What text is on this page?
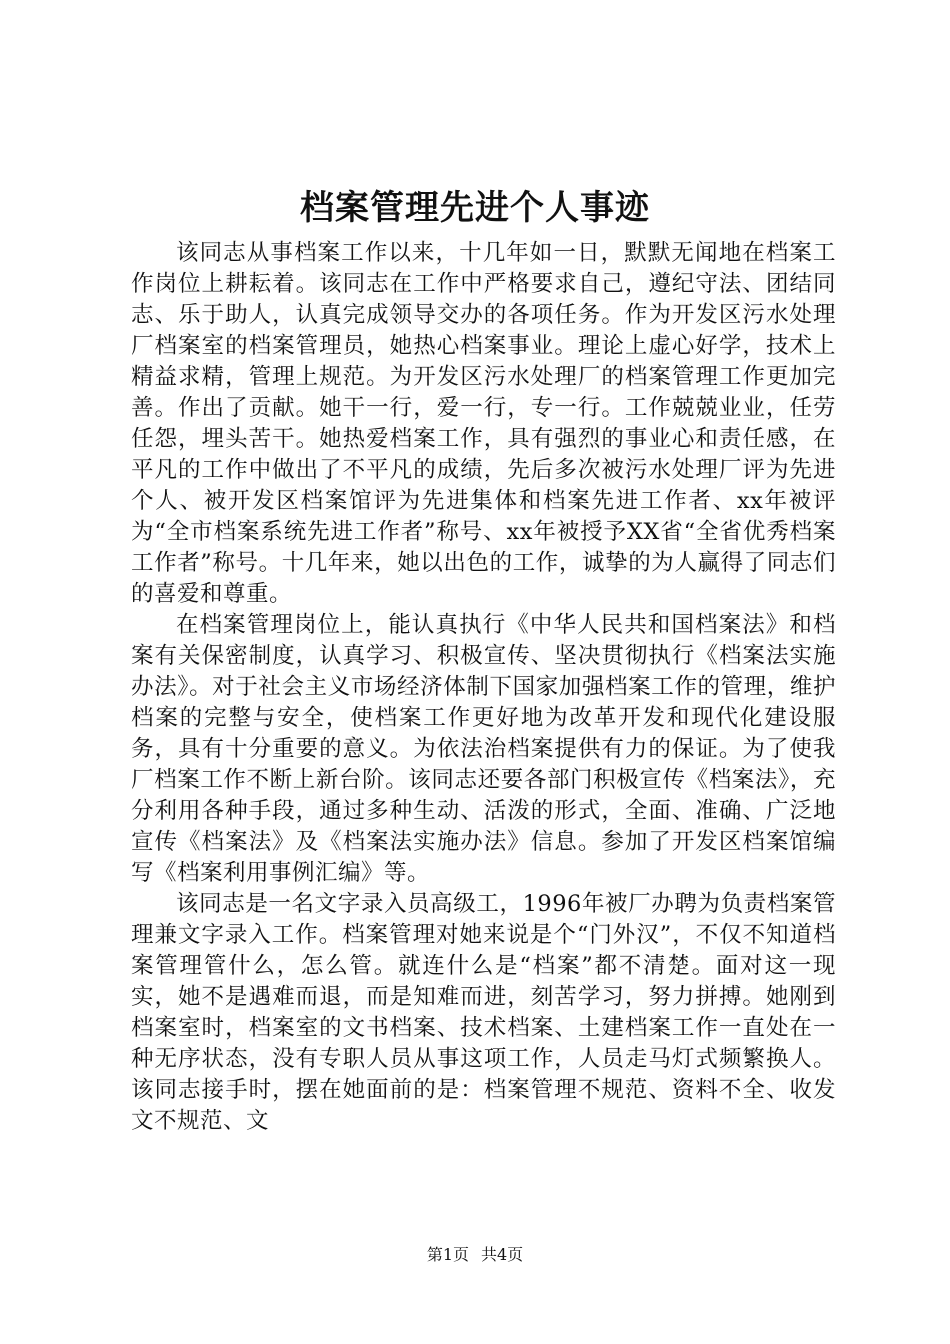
档案管理先进个人事迹

该同志从事档案工作以来，十几年如一日，默默无闻地在档案工作岗位上耕耘着。该同志在工作中严格要求自己，遵纪守法、团结同志、乐于助人，认真完成领导交办的各项任务。作为开发区污水处理厂档案室的档案管理员，她热心档案事业。理论上虚心好学，技术上精益求精，管理上规范。为开发区污水处理厂的档案管理工作更加完善。作出了贡献。她干一行，爱一行，专一行。工作兢兢业业，任劳任怨，埋头苦干。她热爱档案工作，具有强烈的事业心和责任感，在平凡的工作中做出了不平凡的成绩，先后多次被污水处理厂评为先进个人、被开发区档案馆评为先进集体和档案先进工作者、xx年被评为“全市档案系统先进工作者”称号、xx年被授予XX省“全省优秀档案工作者”称号。十几年来，她以出色的工作，诚挚的为人赢得了同志们的喜爱和尊重。

在档案管理岗位上，能认真执行《中华人民共和国档案法》和档案有关保密制度，认真学习、积极宣传、坚决贯彻执行《档案法实施办法》。对于社会主义市场经济体制下国家加强档案工作的管理，维护档案的完整与安全，使档案工作更好地为改革开发和现代化建设服务，具有十分重要的意义。为依法治档案提供有力的保证。为了使我厂档案工作不断上新台阶。该同志还要各部门积极宣传《档案法》，充分利用各种手段，通过多种生动、活泼的形式，全面、准确、广泛地宣传《档案法》及《档案法实施办法》信息。参加了开发区档案馆编写《档案利用事例汇编》等。

该同志是一名文字录入员高级工，1996年被厂办聘为负责档案管理兼文字录入工作。档案管理对她来说是个“门外汉”，不仅不知道档案管理管什么，怎么管。就连什么是“档案”都不清楚。面对这一现实，她不是遇难而退，而是知难而进，刻苦学习，努力拼搏。她刚到档案室时，档案室的文书档案、技术档案、土建档案工作一直处在一种无序状态，没有专职人员从事这项工作，人员走马灯式频繁换人。该同志接手时，摆在她面前的是：档案管理不规范、资料不全、收发文不规范、文

第1页 共4页
